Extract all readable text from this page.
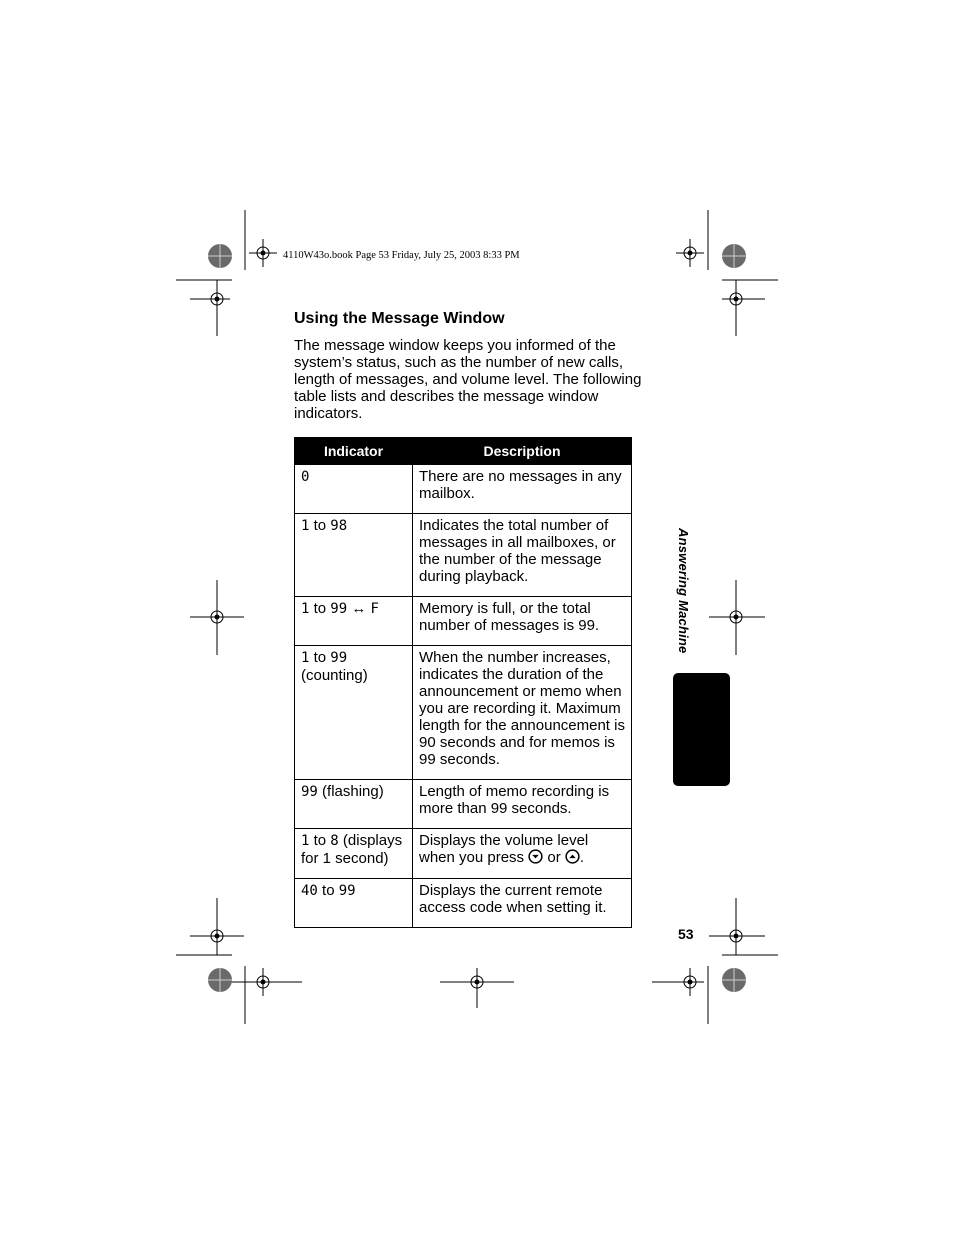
4110W43o.book Page 53 Friday, July 25, 2003 8:33 PM
Using the Message Window

The message window keeps you informed of the system’s status, such as the number of new calls, length of messages, and volume level. The following table lists and describes the message window indicators.

Indicator	Description
0	There are no messages in any mailbox.
1 to 98	Indicates the total number of messages in all mailboxes, or the number of the message during playback.
1 to 99 ↔ F	Memory is full, or the total number of messages is 99.
1 to 99
(counting)	When the number increases, indicates the duration of the announcement or memo when you are recording it. Maximum length for the announcement is 90 seconds and for memos is 99 seconds.
99 (flashing)	Length of memo recording is more than 99 seconds.
1 to 8 (displays for 1 second)	Displays the volume level when you press  or .
40 to 99	Displays the current remote access code when setting it.
Answering Machine
53
